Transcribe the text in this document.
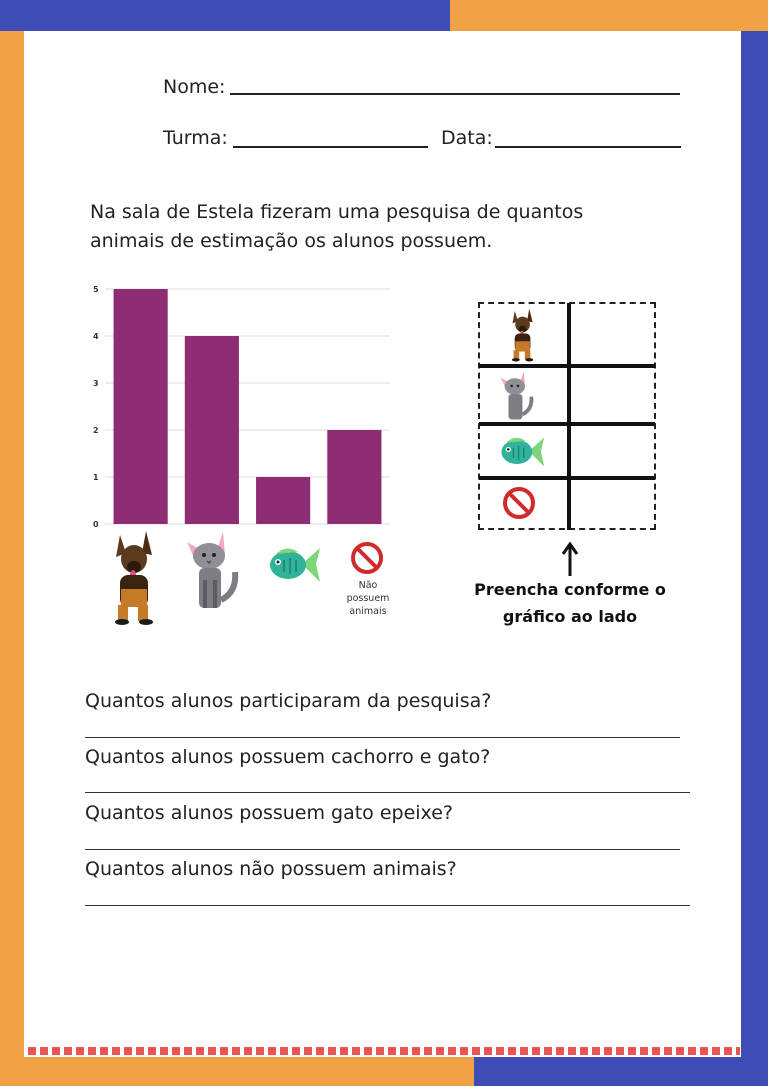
Nome:
Turma:	Data:
Na sala de Estela fizeram uma pesquisa de quantos animais de estimação os alunos possuem.
0
1
2
3
4
5
Não possuem animais
Preencha conforme o gráfico ao lado
Quantos alunos participaram da pesquisa?
Quantos alunos possuem cachorro e gato?
Quantos alunos possuem gato epeixe?
Quantos alunos não possuem animais?
